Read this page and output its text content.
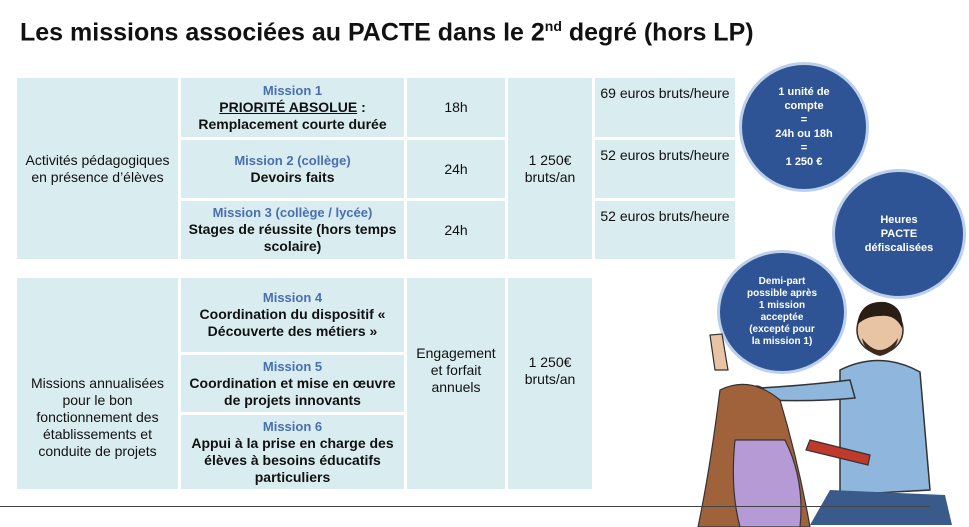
Les missions associées au PACTE dans le 2nd degré (hors LP)
Activités pédagogiques en présence d’élèves
Mission 1
PRIORITÉ ABSOLUE :
Remplacement courte durée
Mission 2 (collège)
Devoirs faits
Mission 3 (collège / lycée)
Stages de réussite (hors temps scolaire)
18h
24h
24h
1 250€ bruts/an
69 euros bruts/heure
52 euros bruts/heure
52 euros bruts/heure
Missions annualisées pour le bon fonctionnement des établissements et conduite de projets
Mission 4
Coordination du dispositif « Découverte des métiers »
Mission 5
Coordination et mise en œuvre de projets innovants
Mission 6
Appui à la prise en charge des élèves à besoins éducatifs particuliers
Engagement et forfait annuels
1 250€ bruts/an
1 unité de compte
=
24h ou 18h
=
1 250 €
Heures PACTE défiscalisées
Demi-part possible après 1 mission acceptée (excepté pour la mission 1)
